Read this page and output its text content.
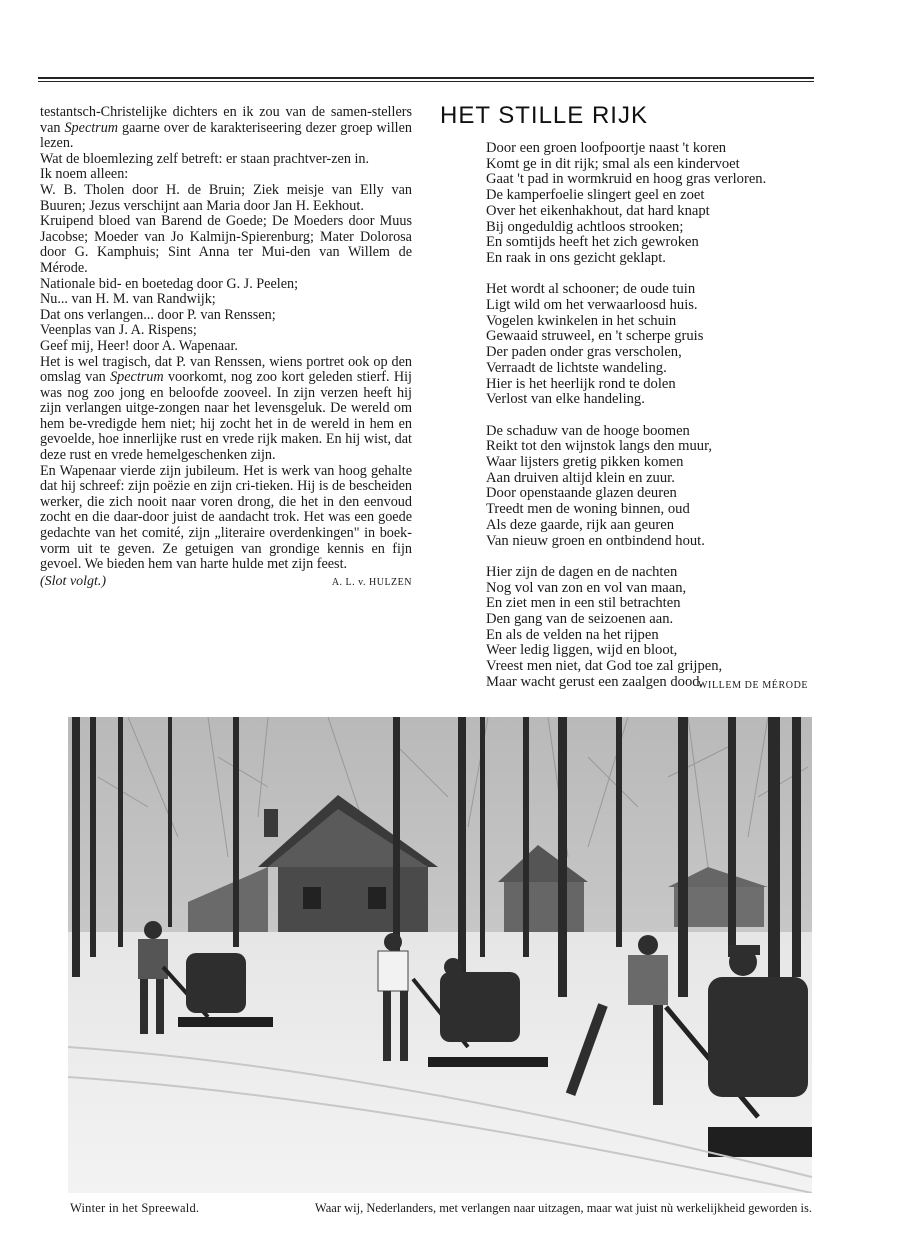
testantsch-Christelijke dichters en ik zou van de samen-stellers van Spectrum gaarne over de karakteriseering dezer groep willen lezen.

Wat de bloemlezing zelf betreft: er staan prachtver-zen in.

Ik noem alleen:

W. B. Tholen door H. de Bruin; Ziek meisje van Elly van Buuren; Jezus verschijnt aan Maria door Jan H. Eekhout.

Kruipend bloed van Barend de Goede; De Moeders door Muus Jacobse; Moeder van Jo Kalmijn-Spierenburg; Mater Dolorosa door G. Kamphuis; Sint Anna ter Mui-den van Willem de Mérode.

Nationale bid- en boetedag door G. J. Peelen;

Nu... van H. M. van Randwijk;

Dat ons verlangen... door P. van Renssen;

Veenplas van J. A. Rispens;

Geef mij, Heer! door A. Wapenaar.

Het is wel tragisch, dat P. van Renssen, wiens portret ook op den omslag van Spectrum voorkomt, nog zoo kort geleden stierf. Hij was nog zoo jong en beloofde zooveel. In zijn verzen heeft hij zijn verlangen uitge-zongen naar het levensgeluk. De wereld om hem be-vredigde hem niet; hij zocht het in de wereld in hem en gevoelde, hoe innerlijke rust en vrede rijk maken. En hij wist, dat deze rust en vrede hemelgeschenken zijn.

En Wapenaar vierde zijn jubileum. Het is werk van hoog gehalte dat hij schreef: zijn poëzie en zijn cri-tieken. Hij is de bescheiden werker, die zich nooit naar voren drong, die het in den eenvoud zocht en die daar-door juist de aandacht trok. Het was een goede gedachte van het comité, zijn „literaire overdenkingen" in boek-vorm uit te geven. Ze getuigen van grondige kennis en fijn gevoel. We bieden hem van harte hulde met zijn feest.

(Slot volgt.)	A. L. v. HULZEN
HET STILLE RIJK
Door een groen loofpoortje naast 't koren
Komt ge in dit rijk; smal als een kindervoet
Gaat 't pad in wormkruid en hoog gras verloren.
De kamperfoelie slingert geel en zoet
Over het eikenhakhout, dat hard knapt
Bij ongeduldig achtloos strooken;
En somtijds heeft het zich gewroken
En raak in ons gezicht geklapt.
Het wordt al schooner; de oude tuin
Ligt wild om het verwaarloosd huis.
Vogelen kwinkelen in het schuin
Gewaaid struweel, en 't scherpe gruis
Der paden onder gras verscholen,
Verraadt de lichtste wandeling.
Hier is het heerlijk rond te dolen
Verlost van elke handeling.
De schaduw van de hooge boomen
Reikt tot den wijnstok langs den muur,
Waar lijsters gretig pikken komen
Aan druiven altijd klein en zuur.
Door openstaande glazen deuren
Treedt men de woning binnen, oud
Als deze gaarde, rijk aan geuren
Van nieuw groen en ontbindend hout.
Hier zijn de dagen en de nachten
Nog vol van zon en vol van maan,
En ziet men in een stil betrachten
Den gang van de seizoenen aan.
En als de velden na het rijpen
Weer ledig liggen, wijd en bloot,
Vreest men niet, dat God toe zal grijpen,
Maar wacht gerust een zaalgen dood.
WILLEM DE MÉRODE
Winter in het Spreewald.	Waar wij, Nederlanders, met verlangen naar uitzagen, maar wat juist nù werkelijkheid geworden is.
